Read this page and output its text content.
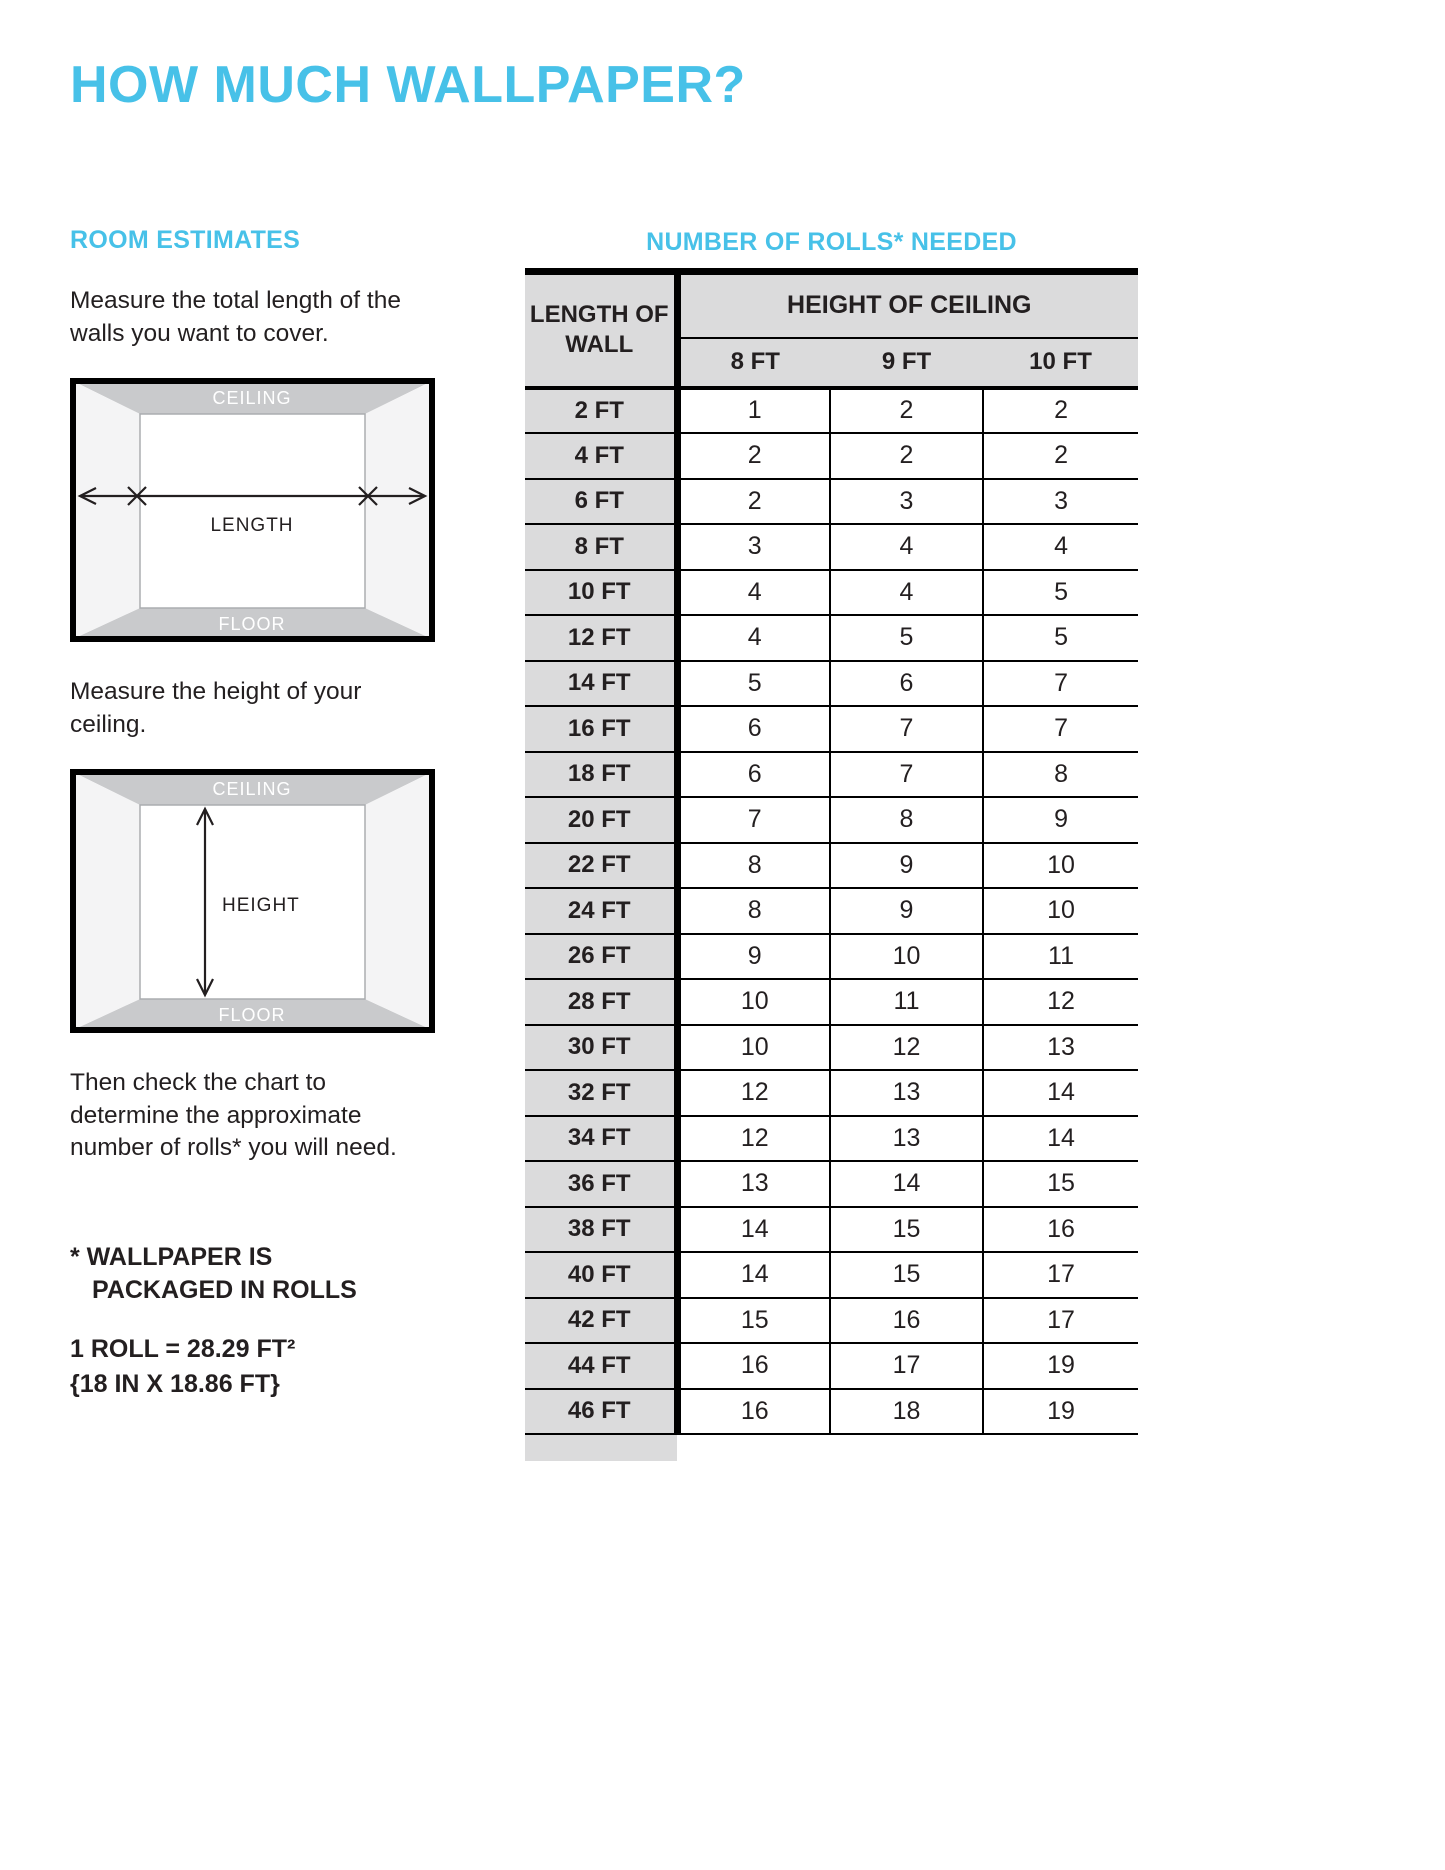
HOW MUCH WALLPAPER?
ROOM ESTIMATES

Measure the total length of the walls you want to cover.

CEILING
FLOOR
LENGTH

Measure the height of your ceiling.

CEILING
FLOOR
HEIGHT

Then check the chart to determine the approximate number of rolls* you will need.

* WALLPAPER IS
PACKAGED IN ROLLS
1 ROLL = 28.29 FT²
{18 IN X 18.86 FT}
NUMBER OF ROLLS* NEEDED
LENGTH OF WALL	HEIGHT OF CEILING		
	8 FT	9 FT	10 FT
2 FT	1	2	2
4 FT	2	2	2
6 FT	2	3	3
8 FT	3	4	4
10 FT	4	4	5
12 FT	4	5	5
14 FT	5	6	7
16 FT	6	7	7
18 FT	6	7	8
20 FT	7	8	9
22 FT	8	9	10
24 FT	8	9	10
26 FT	9	10	11
28 FT	10	11	12
30 FT	10	12	13
32 FT	12	13	14
34 FT	12	13	14
36 FT	13	14	15
38 FT	14	15	16
40 FT	14	15	17
42 FT	15	16	17
44 FT	16	17	19
46 FT	16	18	19
